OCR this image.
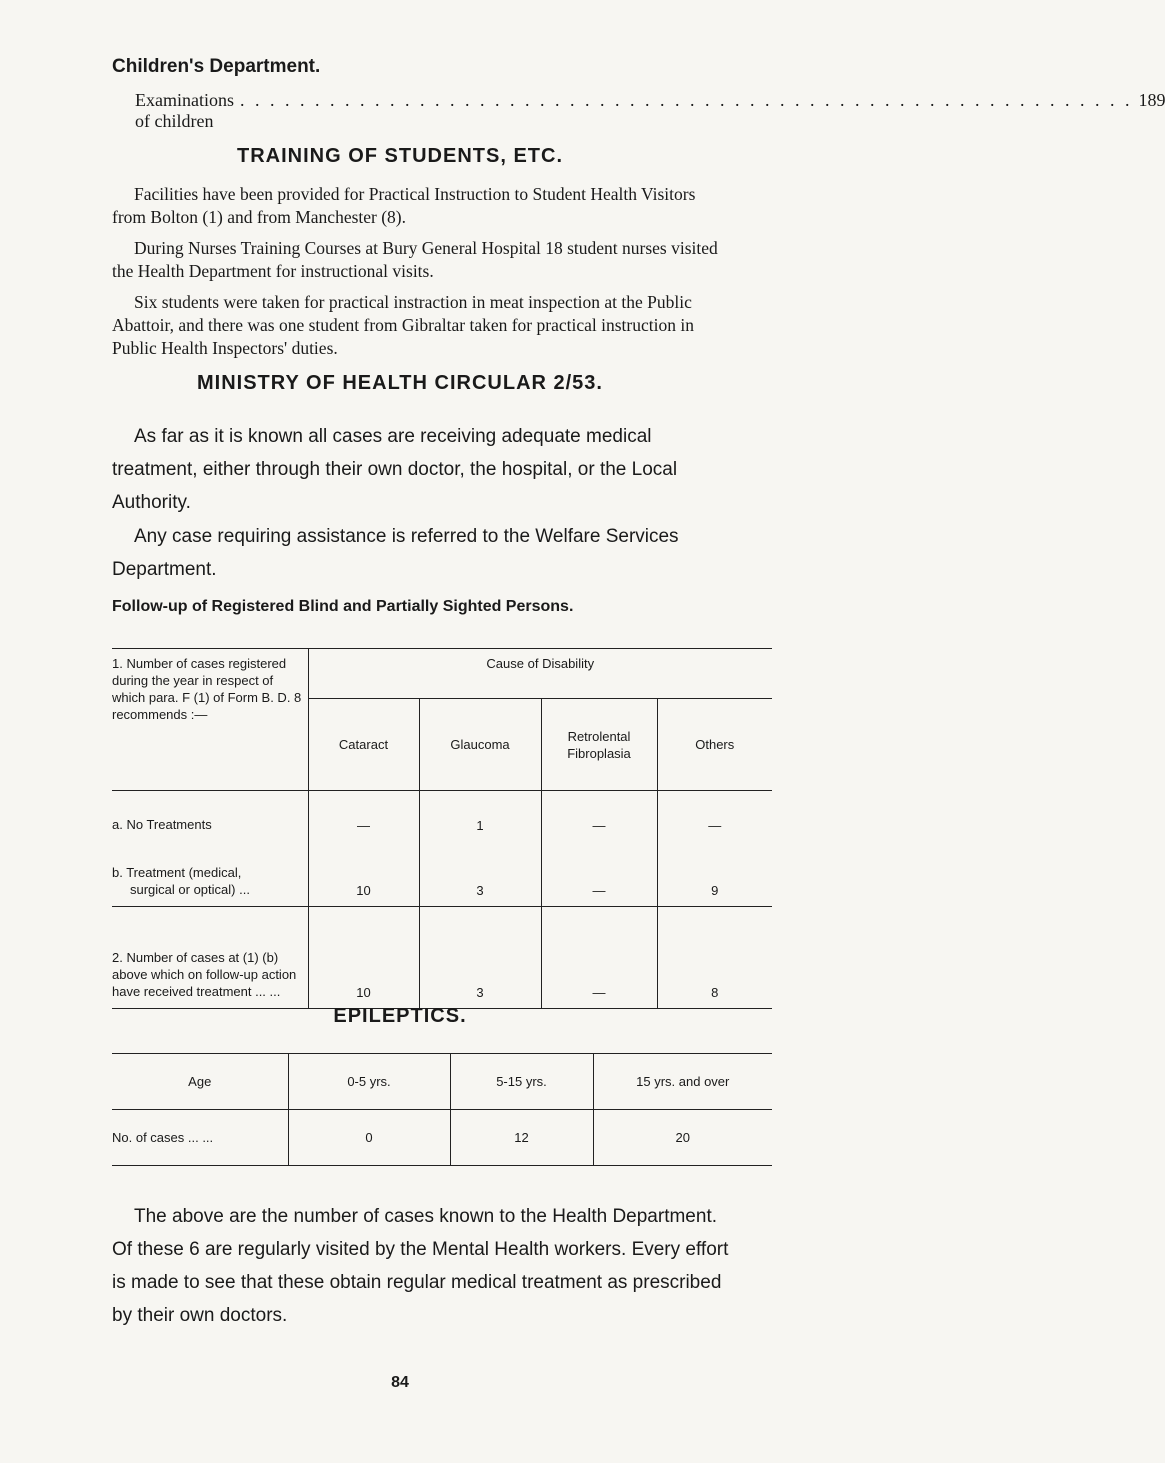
Children's Department.
Examinations of children
. . . . . . . . . . . . . . . . . . . . . . . . . . . . . . . . . . . . . . . . . . . . . . . . . . . . . . . . . . . . 189
TRAINING OF STUDENTS, ETC.

Facilities have been provided for Practical Instruction to Student Health Visitors from Bolton (1) and from Manchester (8).

During Nurses Training Courses at Bury General Hospital 18 student nurses visited the Health Department for instructional visits.

Six students were taken for practical instraction in meat inspection at the Public Abattoir, and there was one student from Gibraltar taken for practical instruction in Public Health Inspectors' duties.

MINISTRY OF HEALTH CIRCULAR 2/53.

As far as it is known all cases are receiving adequate medical treatment, either through their own doctor, the hospital, or the Local Authority.

Any case requiring assistance is referred to the Welfare Services Department.

Follow-up of Registered Blind and Partially Sighted Persons.
1. Number of cases registered during the year in respect of which para. F (1) of Form B. D. 8 recommends :—	Cause of Disability			
	Cataract	Glaucoma	Retrolental Fibroplasia	Others
a. No Treatments	—	1	—	—
b. Treatment (medical,
surgical or optical) ...	10	3	—	9
2. Number of cases at (1) (b) above which on follow-up action have received treatment ... ...	10	3	—	8
EPILEPTICS.
Age	0-5 yrs.	5-15 yrs.	15 yrs. and over
No. of cases ... ...	0	12	20

The above are the number of cases known to the Health Department. Of these 6 are regularly visited by the Mental Health workers. Every effort is made to see that these obtain regular medical treatment as prescribed by their own doctors.

84
